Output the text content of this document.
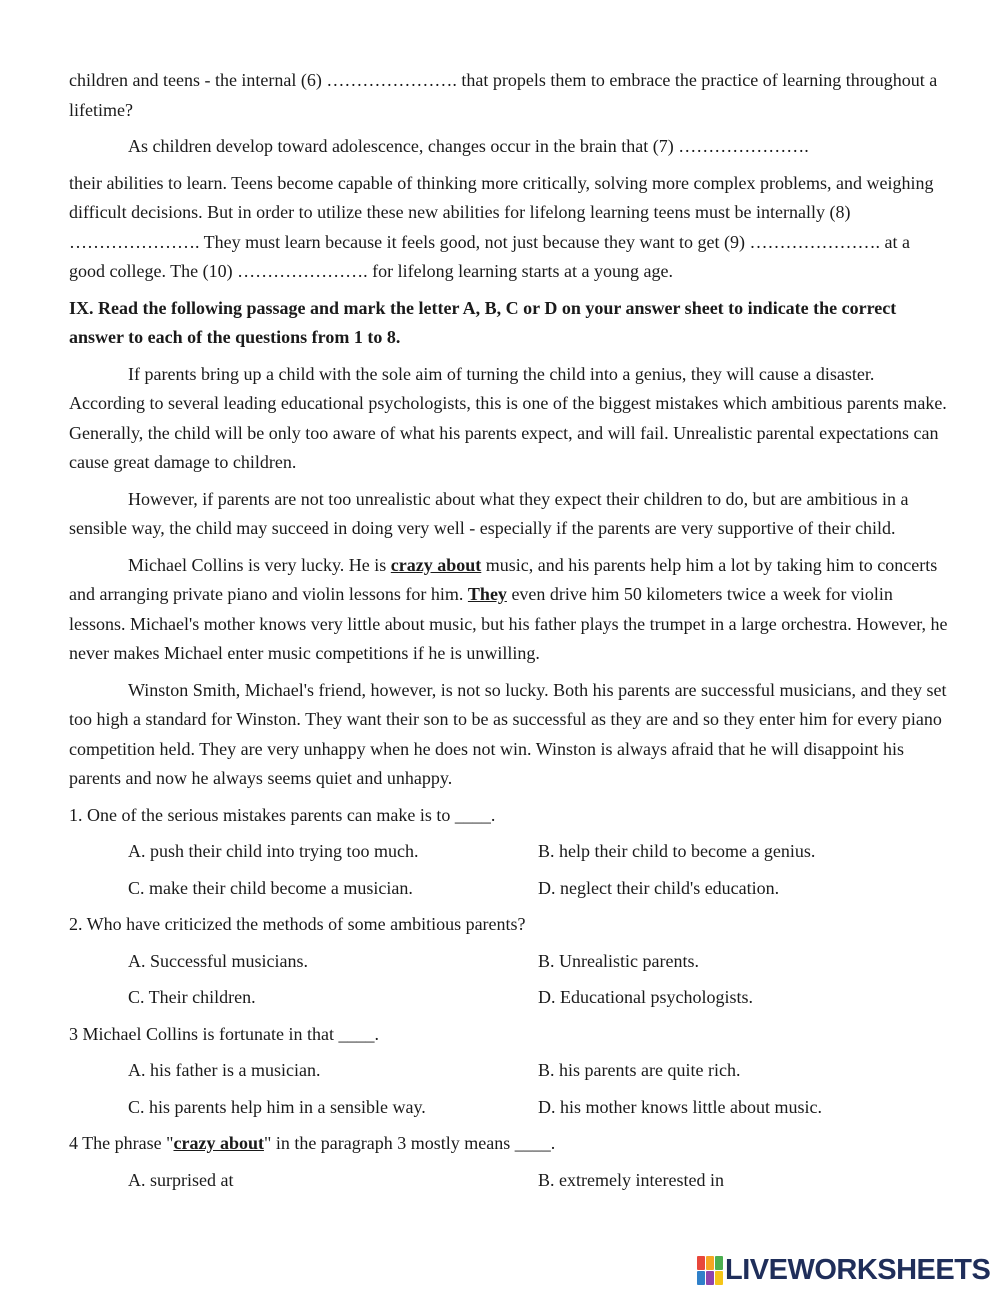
children and teens - the internal (6) …………………. that propels them to embrace the practice of learning throughout a lifetime?

As children develop toward adolescence, changes occur in the brain that (7) ………………….

their abilities to learn. Teens become capable of thinking more critically, solving more complex problems, and weighing difficult decisions. But in order to utilize these new abilities for lifelong learning teens must be internally (8) …………………. They must learn because it feels good, not just because they want to get (9) …………………. at a good college. The (10) …………………. for lifelong learning starts at a young age.

IX. Read the following passage and mark the letter A, B, C or D on your answer sheet to indicate the correct answer to each of the questions from 1 to 8.

If parents bring up a child with the sole aim of turning the child into a genius, they will cause a disaster. According to several leading educational psychologists, this is one of the biggest mistakes which ambitious parents make. Generally, the child will be only too aware of what his parents expect, and will fail. Unrealistic parental expectations can cause great damage to children.

However, if parents are not too unrealistic about what they expect their children to do, but are ambitious in a sensible way, the child may succeed in doing very well - especially if the parents are very supportive of their child.

Michael Collins is very lucky. He is crazy about music, and his parents help him a lot by taking him to concerts and arranging private piano and violin lessons for him. They even drive him 50 kilometers twice a week for violin lessons. Michael's mother knows very little about music, but his father plays the trumpet in a large orchestra. However, he never makes Michael enter music competitions if he is unwilling.

Winston Smith, Michael's friend, however, is not so lucky. Both his parents are successful musicians, and they set too high a standard for Winston. They want their son to be as successful as they are and so they enter him for every piano competition held. They are very unhappy when he does not win. Winston is always afraid that he will disappoint his parents and now he always seems quiet and unhappy.

1. One of the serious mistakes parents can make is to ____.

A. push their child into trying too much.	B. help their child to become a genius.
C. make their child become a musician.	D. neglect their child's education.

2. Who have criticized the methods of some ambitious parents?

A. Successful musicians.	B. Unrealistic parents.
C. Their children.	D. Educational psychologists.

3 Michael Collins is fortunate in that ____.

A. his father is a musician.	B. his parents are quite rich.
C. his parents help him in a sensible way.	D. his mother knows little about music.

4 The phrase "crazy about" in the paragraph 3 mostly means ____.

A. surprised at	B. extremely interested in
LIVEWORKSHEETS
